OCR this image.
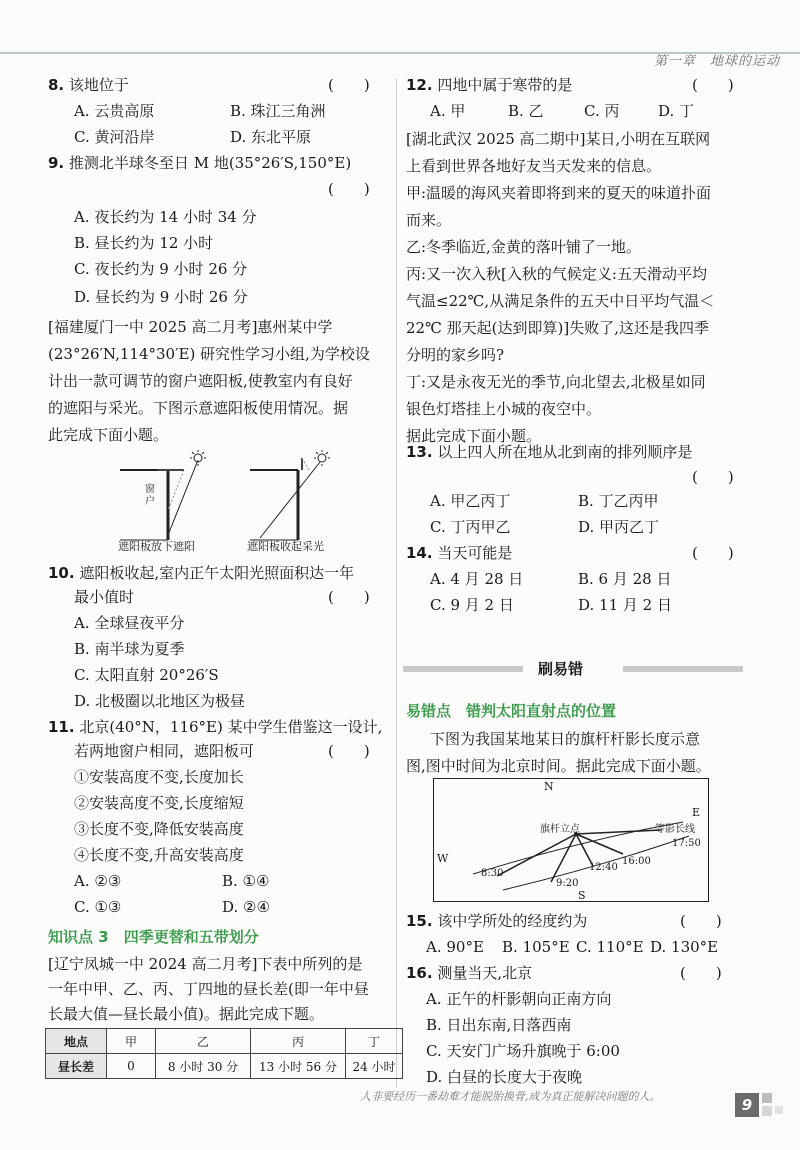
第一章　地球的运动
8. 该地位于	(　　)
A. 云贵高原	B. 珠江三角洲
C. 黄河沿岸	D. 东北平原
9. 推测北半球冬至日 M 地(35°26′S,150°E)
(　　)
A. 夜长约为 14 小时 34 分
B. 昼长约为 12 小时
C. 夜长约为 9 小时 26 分
D. 昼长约为 9 小时 26 分
[福建厦门一中 2025 高二月考]惠州某中学
(23°26′N,114°30′E) 研究性学习小组,为学校设
计出一款可调节的窗户遮阳板,使教室内有良好
的遮阳与采光。下图示意遮阳板使用情况。据
此完成下面小题。
窗户
遮阳板放下遮阳	遮阳板收起采光
10. 遮阳板收起,室内正午太阳光照面积达一年
最小值时	(　　)
A. 全球昼夜平分
B. 南半球为夏季
C. 太阳直射 20°26′S
D. 北极圈以北地区为极昼
11. 北京(40°N，116°E) 某中学生借鉴这一设计,
若两地窗户相同，遮阳板可	(　　)
①安装高度不变,长度加长
②安装高度不变,长度缩短
③长度不变,降低安装高度
④长度不变,升高安装高度
A. ②③	B. ①④
C. ①③	D. ②④
知识点 3　 四季更替和五带划分
[辽宁凤城一中 2024 高二月考]下表中所列的是
一年中甲、乙、丙、丁四地的昼长差(即一年中昼
长最大值—昼长最小值)。据此完成下题。
地点	甲	乙	丙	丁
昼长差	0	8 小时 30 分	13 小时 56 分	24 小时
12. 四地中属于寒带的是	(　　)
A. 甲	B. 乙	C. 丙	D. 丁
[湖北武汉 2025 高二期中]某日,小明在互联网
上看到世界各地好友当天发来的信息。
甲:温暖的海风夹着即将到来的夏天的味道扑面
而来。
乙:冬季临近,金黄的落叶铺了一地。
丙:又一次入秋[入秋的气候定义:五天滑动平均
气温≤22℃,从满足条件的五天中日平均气温＜
22℃ 那天起(达到即算)]失败了,这还是我四季
分明的家乡吗?
丁:又是永夜无光的季节,向北望去,北极星如同
银色灯塔挂上小城的夜空中。
据此完成下面小题。
13. 以上四人所在地从北到南的排列顺序是
(　　)
A. 甲乙丙丁	B. 丁乙丙甲
C. 丁丙甲乙	D. 甲丙乙丁
14. 当天可能是	(　　)
A. 4 月 28 日	B. 6 月 28 日
C. 9 月 2 日	D. 11 月 2 日
刷易错
易错点　 错判太阳直射点的位置
下图为我国某地某日的旗杆杆影长度示意
图,图中时间为北京时间。据此完成下面小题。
N
S
E
W
旗杆立点	等影长线
8:30
9:20
12:40
16:00
17:50
15. 该中学所处的经度约为	(　　)
A. 90°E B. 105°E C. 110°E D. 130°E
16. 测量当天,北京	(　　)
A. 正午的杆影朝向正南方向
B. 日出东南,日落西南
C. 天安门广场升旗晚于 6:00
D. 白昼的长度大于夜晚
人非要经历一番劫难才能脱胎换骨,成为真正能解决问题的人。	9
